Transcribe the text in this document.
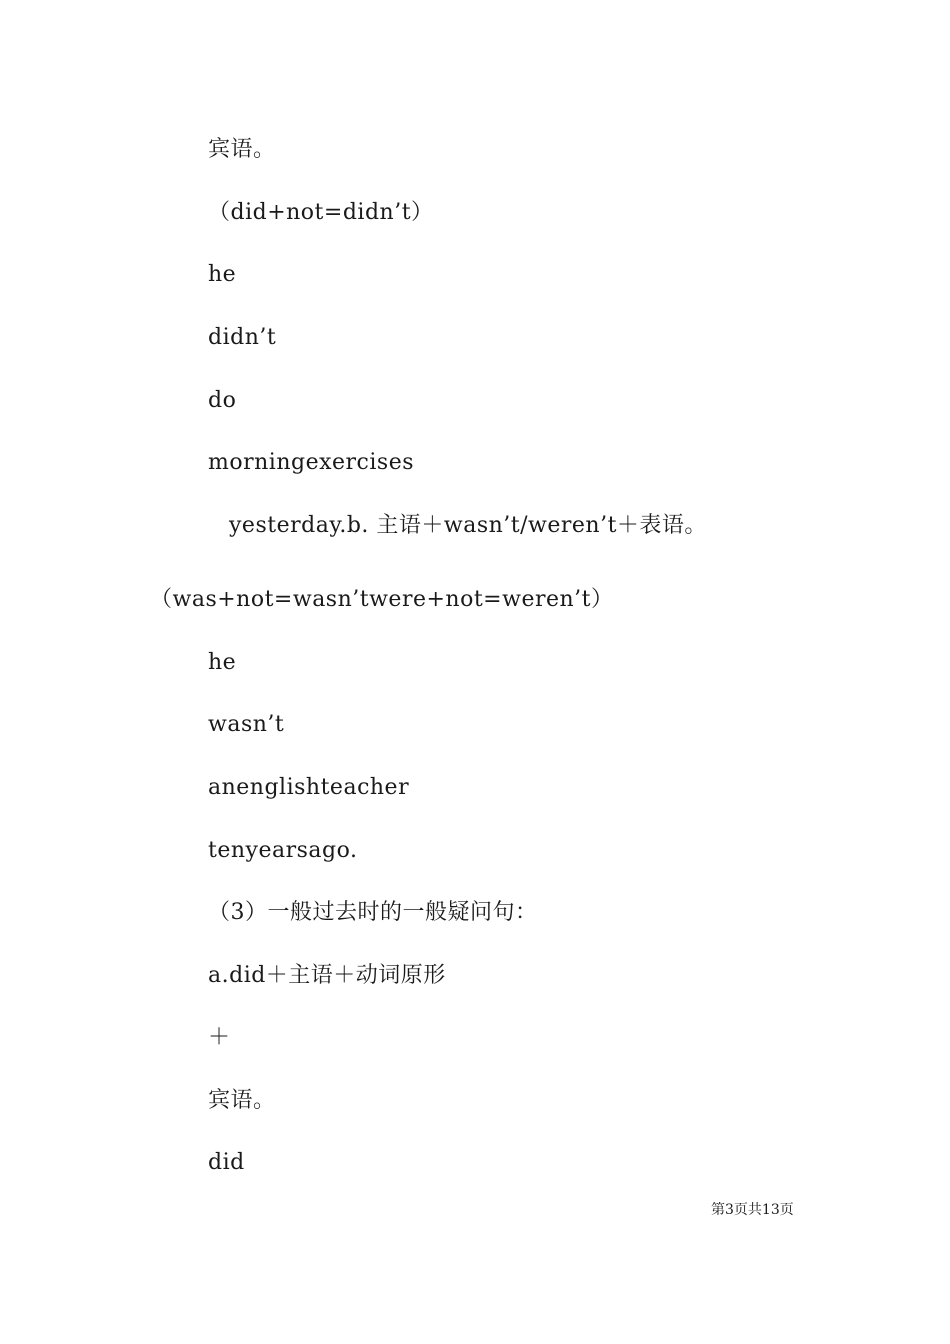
宾语。
（did+not=didn’t）
he
didn’t
do
morningexercises
yesterday.b. 主语＋wasn’t/weren’t＋表语。
（was+not=wasn’twere+not=weren’t）
he
wasn’t
anenglishteacher
tenyearsago.
（3）一般过去时的一般疑问句：
a.did＋主语＋动词原形
＋
宾语。
did
第3页共13页
